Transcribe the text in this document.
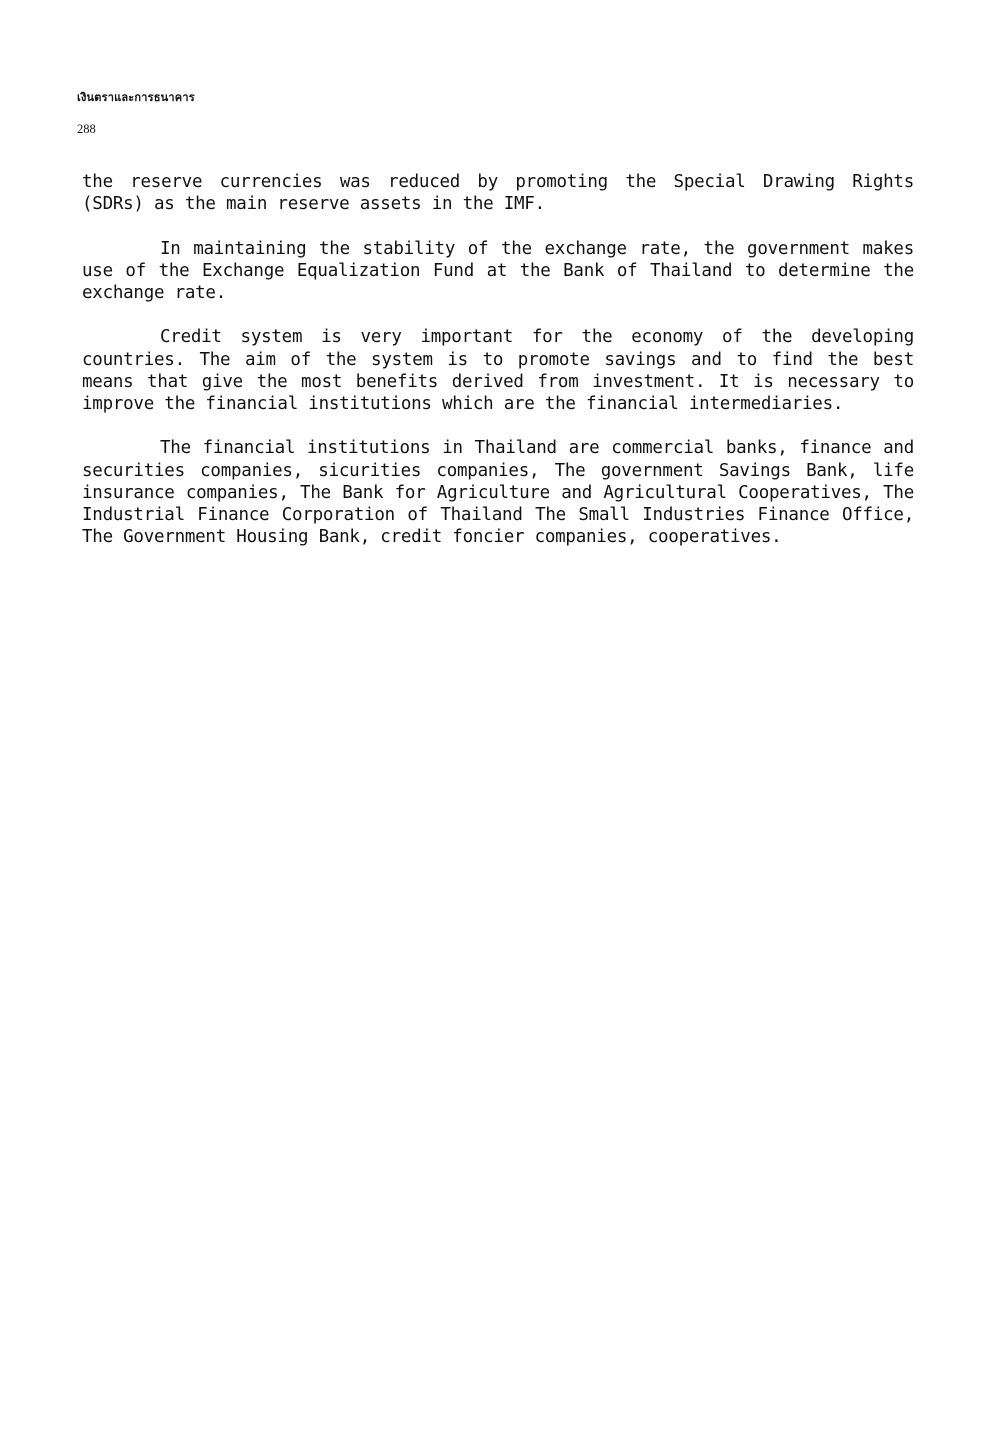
เงินตราและการธนาคาร
288

the reserve currencies was reduced by promoting the Special Drawing Rights (SDRs) as the main reserve assets in the IMF.

In maintaining the stability of the exchange rate, the government makes use of the Exchange Equalization Fund at the Bank of Thailand to determine the exchange rate.

Credit system is very important for the economy of the developing countries. The aim of the system is to promote savings and to find the best means that give the most benefits derived from investment. It is necessary to improve the financial institutions which are the financial intermediaries.

The financial institutions in Thailand are commercial banks, finance and securities companies, sicurities companies, The government Savings Bank, life insurance companies, The Bank for Agriculture and Agricultural Cooperatives, The Industrial Finance Corporation of Thailand The Small Industries Finance Office, The Government Housing Bank, credit foncier companies, cooperatives.
